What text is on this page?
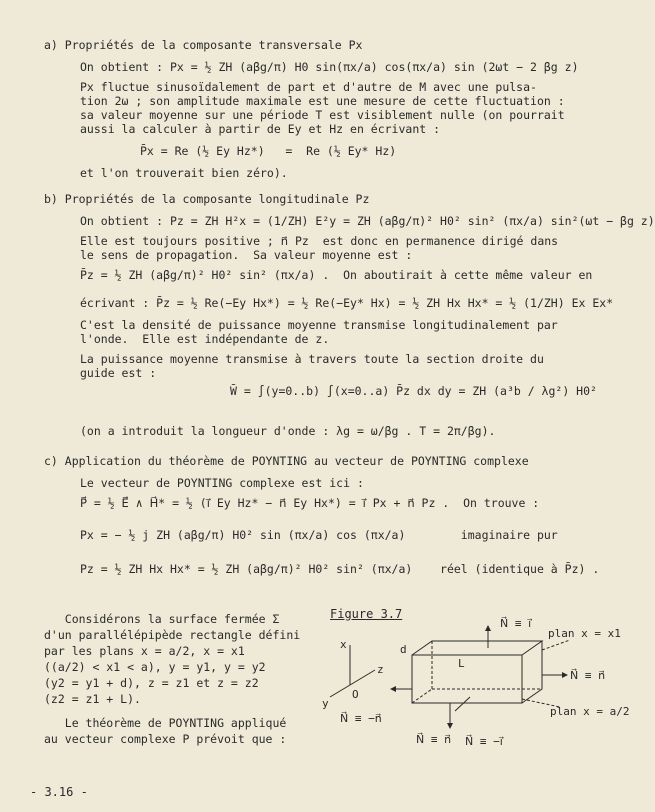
a) Propriétés de la composante transversale Px
On obtient : Px = ½ ZH (aβg/π) H0 sin(πx/a) cos(πx/a) sin (2ωt − 2 βg z)
Px fluctue sinusoïdalement de part et d'autre de M avec une pulsa-
tion 2ω ; son amplitude maximale est une mesure de cette fluctuation :
sa valeur moyenne sur une période T est visiblement nulle (on pourrait
aussi la calculer à partir de Ey et Hz en écrivant :
P̄x = Re (½ Ey Hz*)   =  Re (½ Ey* Hz)
et l'on trouverait bien zéro).
b) Propriétés de la composante longitudinale Pz
On obtient : Pz = ZH H²x = (1/ZH) E²y = ZH (aβg/π)² H0² sin² (πx/a) sin²(ωt − βg z)
Elle est toujours positive ; n⃗ Pz  est donc en permanence dirigé dans
le sens de propagation.  Sa valeur moyenne est :
P̄z = ½ ZH (aβg/π)² H0² sin² (πx/a) .  On aboutirait à cette même valeur en
écrivant : P̄z = ½ Re(−Ey Hx*) = ½ Re(−Ey* Hx) = ½ ZH Hx Hx* = ½ (1/ZH) Ex Ex*
C'est la densité de puissance moyenne transmise longitudinalement par
l'onde.  Elle est indépendante de z.
La puissance moyenne transmise à travers toute la section droite du
guide est :
W̄ = ∫(y=0..b) ∫(x=0..a) P̄z dx dy = ZH (a³b / λg²) H0²
(on a introduit la longueur d'onde : λg = ω/βg . T = 2π/βg).
c) Application du théorème de POYNTING au vecteur de POYNTING complexe
Le vecteur de POYNTING complexe est ici :
P⃗ = ½ E⃗ ∧ H⃗* = ½ (ı⃗ Ey Hz* − n⃗ Ey Hx*) = ı⃗ Px + n⃗ Pz .  On trouve :
Px = − ½ j ZH (aβg/π) H0² sin (πx/a) cos (πx/a)        imaginaire pur
Pz = ½ ZH Hx Hx* = ½ ZH (aβg/π)² H0² sin² (πx/a)    réel (identique à P̄z) .
Considérons la surface fermée Σ
d'un parallélépipède rectangle défini
par les plans x = a/2, x = x1
((a/2) < x1 < a), y = y1, y = y2
(y2 = y1 + d), z = z1 et z = z2
(z2 = z1 + L).
Le théorème de POYNTING appliqué
au vecteur complexe P prévoit que :
Figure 3.7
N⃗ ≡ ı⃗
x
z
O
y
N⃗ ≡ −n⃗
d
L
plan x = x1
N⃗ ≡ n⃗
plan x = a/2
N⃗ ≡ n⃗ N⃗ ≡ −ı⃗
- 3.16 -
